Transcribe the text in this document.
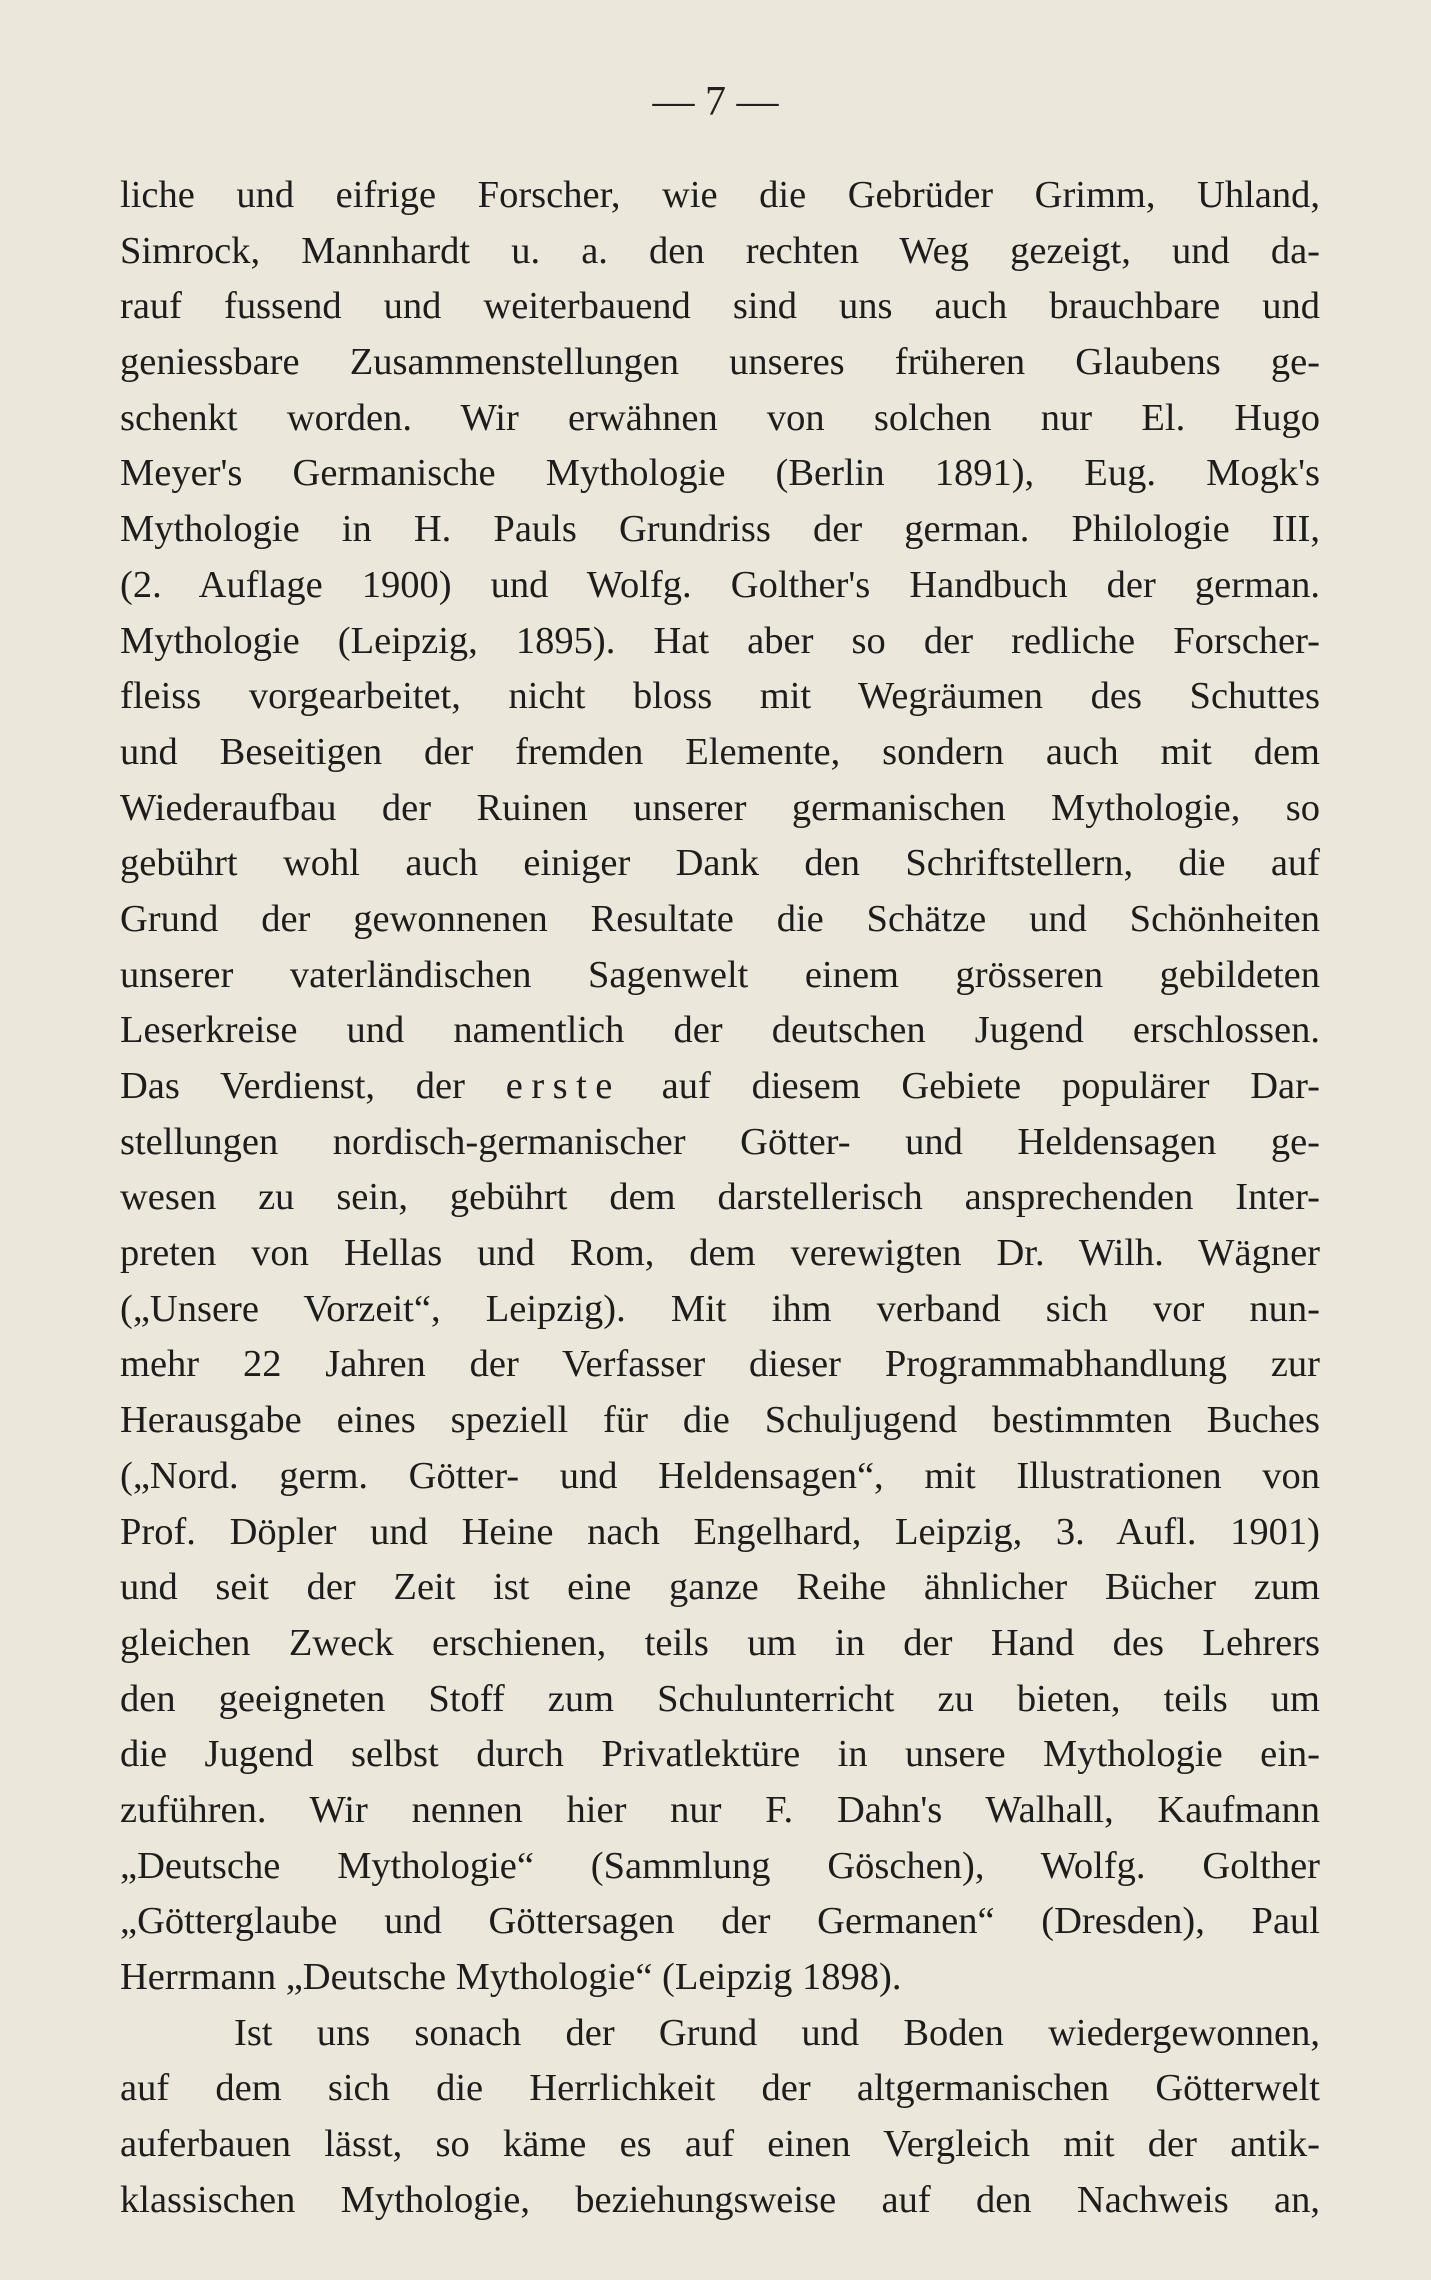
— 7 —
liche und eifrige Forscher, wie die Gebrüder Grimm, Uhland,
Simrock, Mannhardt u. a. den rechten Weg gezeigt, und da-
rauf fussend und weiterbauend sind uns auch brauchbare und
geniessbare Zusammenstellungen unseres früheren Glaubens ge-
schenkt worden. Wir erwähnen von solchen nur El. Hugo
Meyer's Germanische Mythologie (Berlin 1891), Eug. Mogk's
Mythologie in H. Pauls Grundriss der german. Philologie III,
(2. Auflage 1900) und Wolfg. Golther's Handbuch der german.
Mythologie (Leipzig, 1895). Hat aber so der redliche Forscher-
fleiss vorgearbeitet, nicht bloss mit Wegräumen des Schuttes
und Beseitigen der fremden Elemente, sondern auch mit dem
Wiederaufbau der Ruinen unserer germanischen Mythologie, so
gebührt wohl auch einiger Dank den Schriftstellern, die auf
Grund der gewonnenen Resultate die Schätze und Schönheiten
unserer vaterländischen Sagenwelt einem grösseren gebildeten
Leserkreise und namentlich der deutschen Jugend erschlossen.
Das Verdienst, der erste auf diesem Gebiete populärer Dar-
stellungen nordisch-germanischer Götter- und Heldensagen ge-
wesen zu sein, gebührt dem darstellerisch ansprechenden Inter-
preten von Hellas und Rom, dem verewigten Dr. Wilh. Wägner
(„Unsere Vorzeit“, Leipzig). Mit ihm verband sich vor nun-
mehr 22 Jahren der Verfasser dieser Programmabhandlung zur
Herausgabe eines speziell für die Schuljugend bestimmten Buches
(„Nord. germ. Götter- und Heldensagen“, mit Illustrationen von
Prof. Döpler und Heine nach Engelhard, Leipzig, 3. Aufl. 1901)
und seit der Zeit ist eine ganze Reihe ähnlicher Bücher zum
gleichen Zweck erschienen, teils um in der Hand des Lehrers
den geeigneten Stoff zum Schulunterricht zu bieten, teils um
die Jugend selbst durch Privatlektüre in unsere Mythologie ein-
zuführen. Wir nennen hier nur F. Dahn's Walhall, Kaufmann
„Deutsche Mythologie“ (Sammlung Göschen), Wolfg. Golther
„Götterglaube und Göttersagen der Germanen“ (Dresden), Paul
Herrmann „Deutsche Mythologie“ (Leipzig 1898).
Ist uns sonach der Grund und Boden wiedergewonnen,
auf dem sich die Herrlichkeit der altgermanischen Götterwelt
auferbauen lässt, so käme es auf einen Vergleich mit der antik-
klassischen Mythologie, beziehungsweise auf den Nachweis an,
